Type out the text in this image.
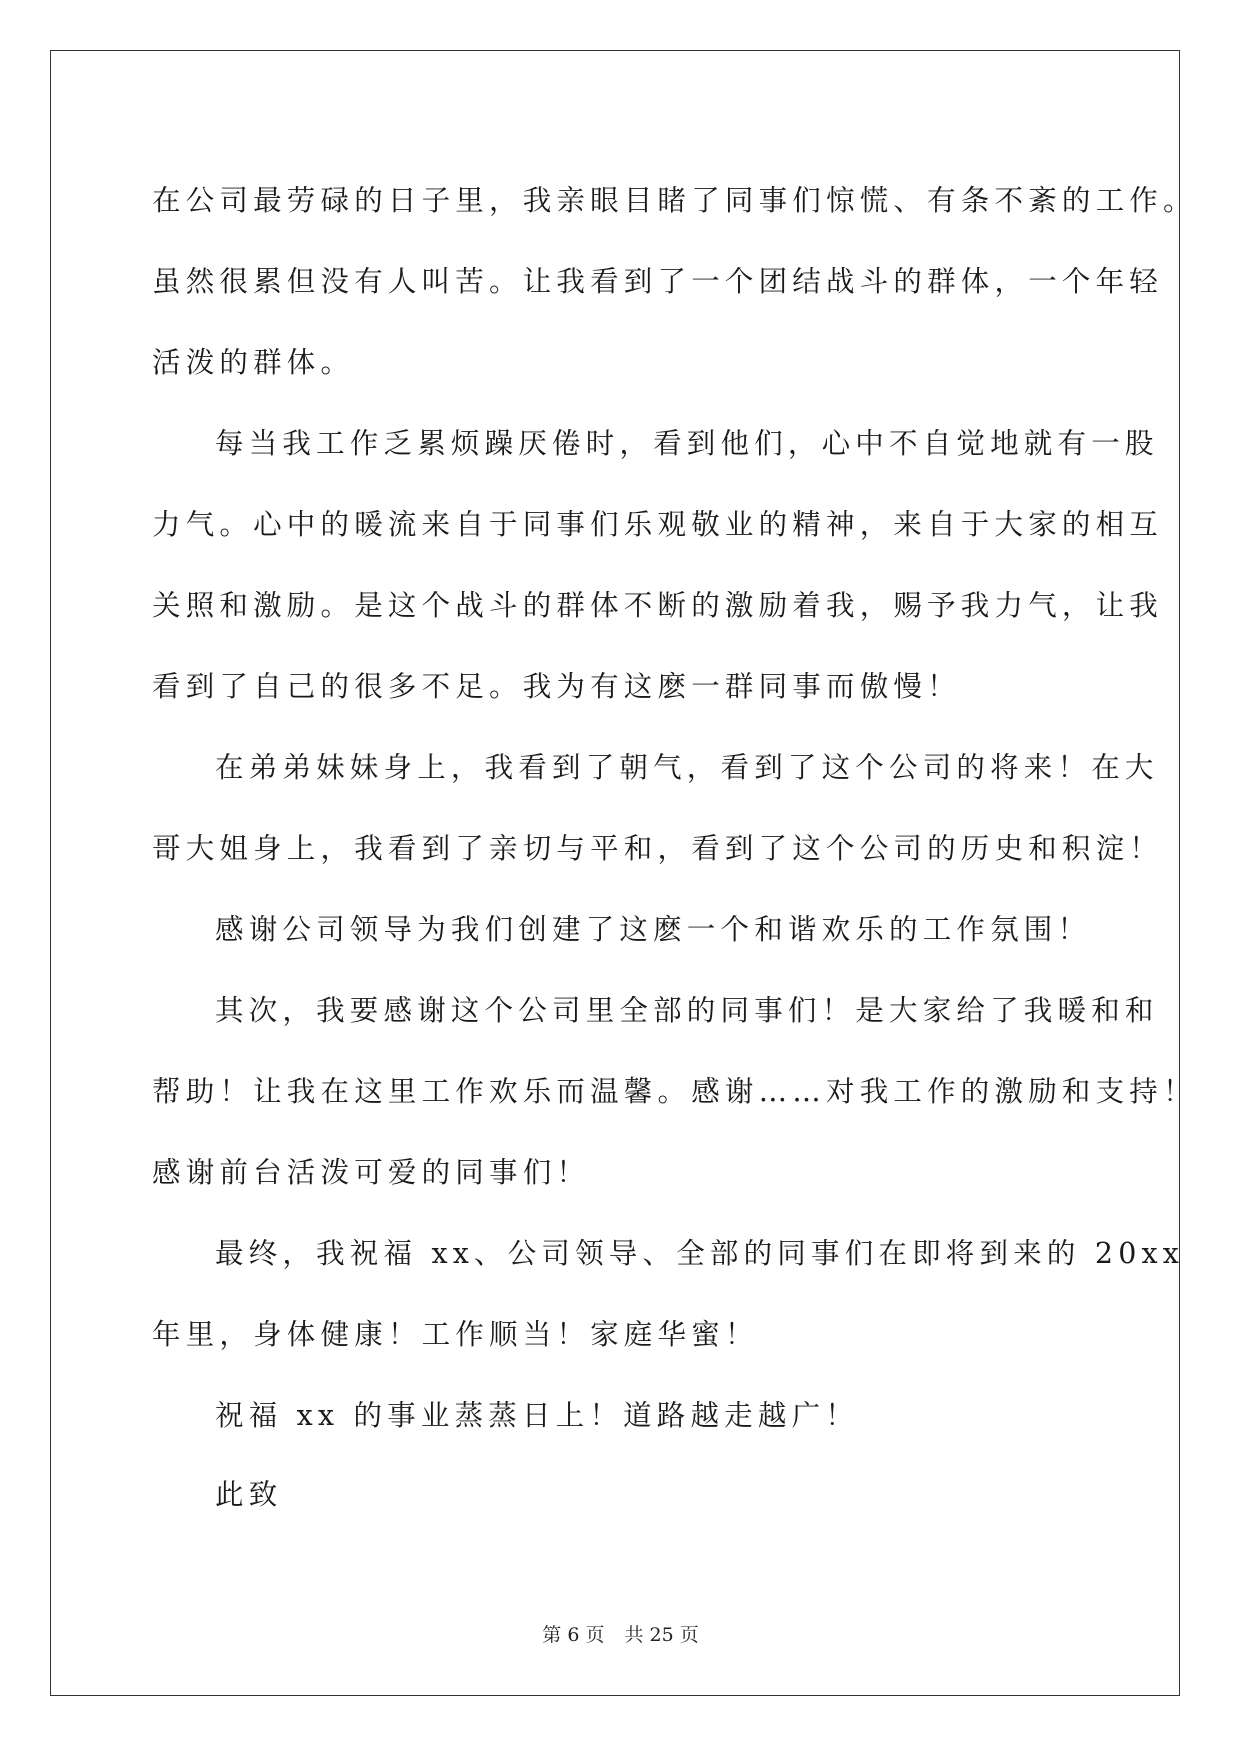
在公司最劳碌的日子里，我亲眼目睹了同事们惊慌、有条不紊的工作。
虽然很累但没有人叫苦。让我看到了一个团结战斗的群体，一个年轻
活泼的群体。
每当我工作乏累烦躁厌倦时，看到他们，心中不自觉地就有一股
力气。心中的暖流来自于同事们乐观敬业的精神，来自于大家的相互
关照和激励。是这个战斗的群体不断的激励着我，赐予我力气，让我
看到了自己的很多不足。我为有这麽一群同事而傲慢！
在弟弟妹妹身上，我看到了朝气，看到了这个公司的将来！在大
哥大姐身上，我看到了亲切与平和，看到了这个公司的历史和积淀！
感谢公司领导为我们创建了这麽一个和谐欢乐的工作氛围！
其次，我要感谢这个公司里全部的同事们！是大家给了我暖和和
帮助！让我在这里工作欢乐而温馨。感谢……对我工作的激励和支持！
感谢前台活泼可爱的同事们！
最终，我祝福 xx、公司领导、全部的同事们在即将到来的 20xx
年里，身体健康！工作顺当！家庭华蜜！
祝福 xx 的事业蒸蒸日上！道路越走越广！
此致
第 6 页 共 25 页
